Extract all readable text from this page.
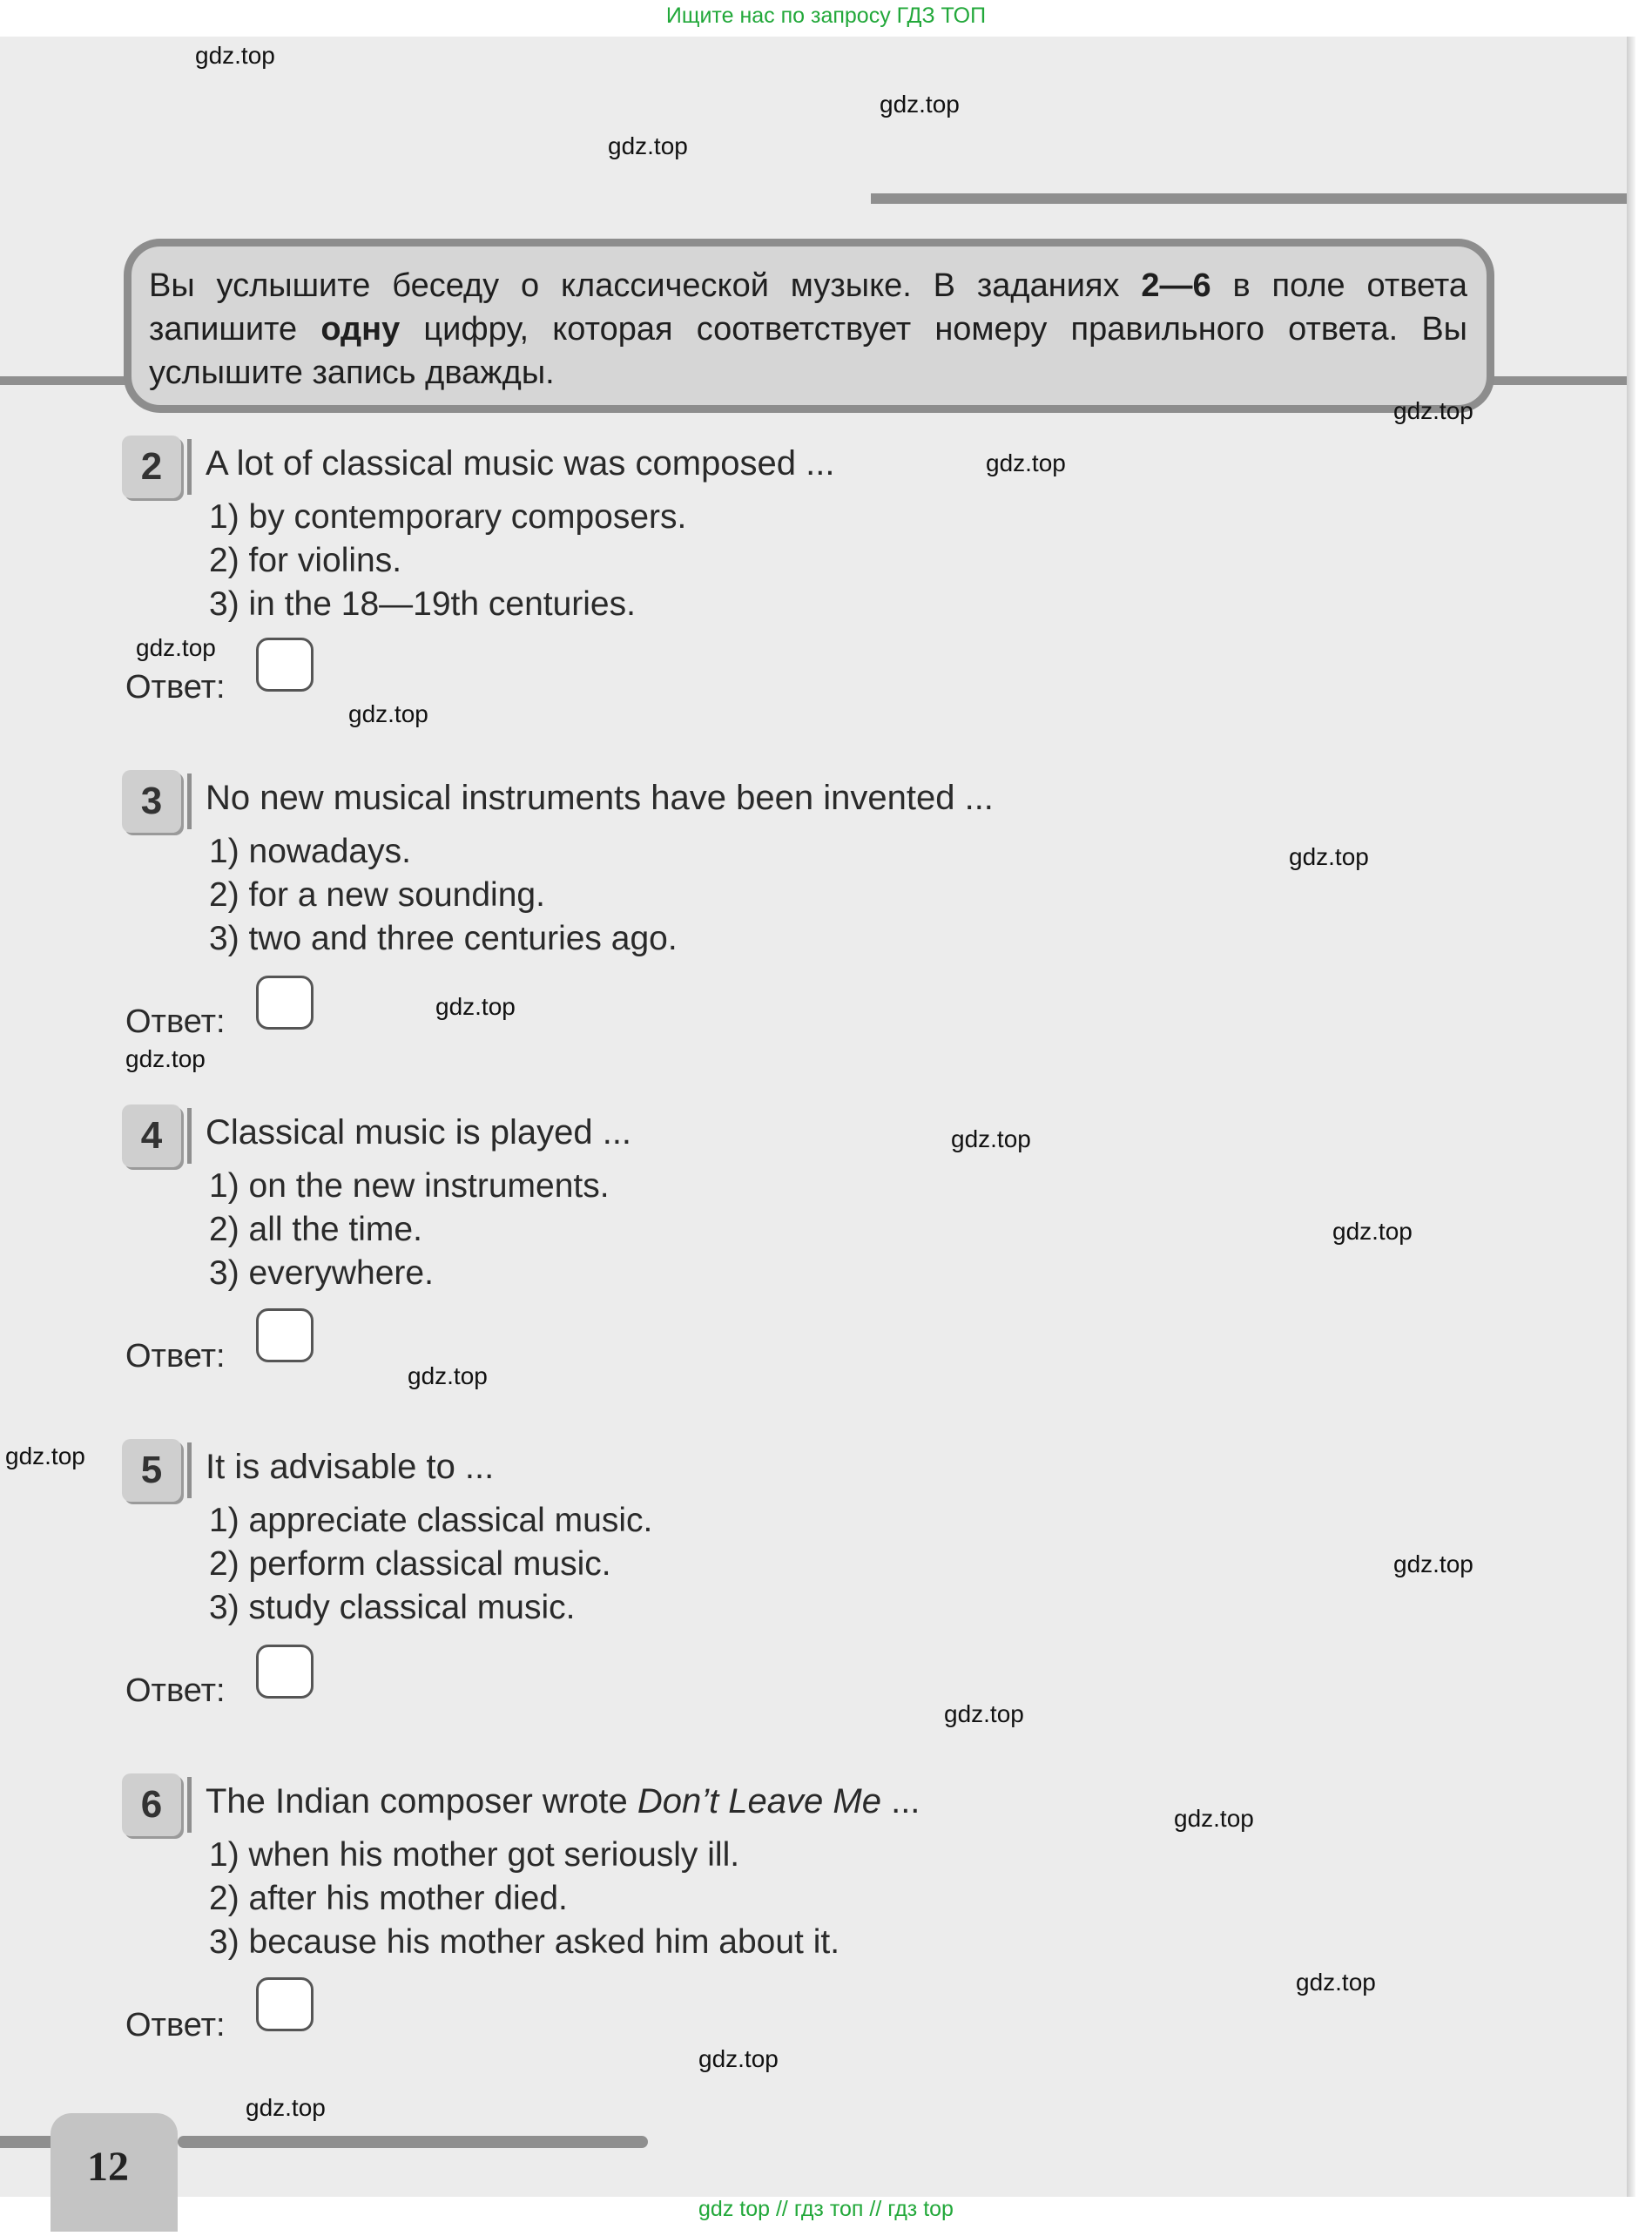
Ищите нас по запросу ГДЗ ТОП
Вы услышите беседу о классической музыке. В заданиях 2—6 в поле ответа запишите одну цифру, которая соответствует номеру правильного ответа. Вы услышите запись дважды.
2	A lot of classical music was composed ...
1) by contemporary composers.
2) for violins.
3) in the 18—19th centuries.
Ответ:
3	No new musical instruments have been invented ...
1) nowadays.
2) for a new sounding.
3) two and three centuries ago.
Ответ:
4	Classical music is played ...
1) on the new instruments.
2) all the time.
3) everywhere.
Ответ:
5	It is advisable to ...
1) appreciate classical music.
2) perform classical music.
3) study classical music.
Ответ:
6	The Indian composer wrote Don’t Leave Me ...
1) when his mother got seriously ill.
2) after his mother died.
3) because his mother asked him about it.
Ответ:
12
gdz.top
gdz.top
gdz.top
gdz.top
gdz.top
gdz.top
gdz.top
gdz.top
gdz.top
gdz.top
gdz.top
gdz.top
gdz.top
gdz.top
gdz.top
gdz.top
gdz.top
gdz.top
gdz.top
gdz.top
gdz top // гдз топ // гдз top
